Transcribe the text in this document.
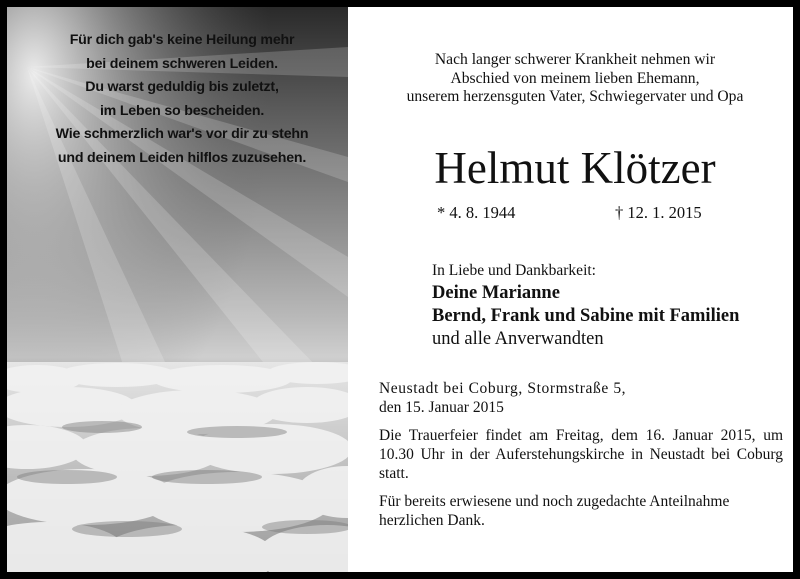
Für dich gab's keine Heilung mehr
bei deinem schweren Leiden.
Du warst geduldig bis zuletzt,
im Leben so bescheiden.
Wie schmerzlich war's vor dir zu stehn
und deinem Leiden hilflos zuzusehen.
Nach langer schwerer Krankheit nehmen wir
Abschied von meinem lieben Ehemann,
unserem herzensguten Vater, Schwiegervater und Opa
Helmut Klötzer
* 4. 8. 1944	† 12. 1. 2015
In Liebe und Dankbarkeit:
Deine Marianne
Bernd, Frank und Sabine mit Familien
und alle Anverwandten

Neustadt bei Coburg, Stormstraße 5,
den 15. Januar 2015

Die Trauerfeier findet am Freitag, dem 16. Januar 2015, um 10.30 Uhr in der Auferstehungskirche in Neustadt bei Coburg statt.

Für bereits erwiesene und noch zugedachte Anteilnahme herzlichen Dank.
